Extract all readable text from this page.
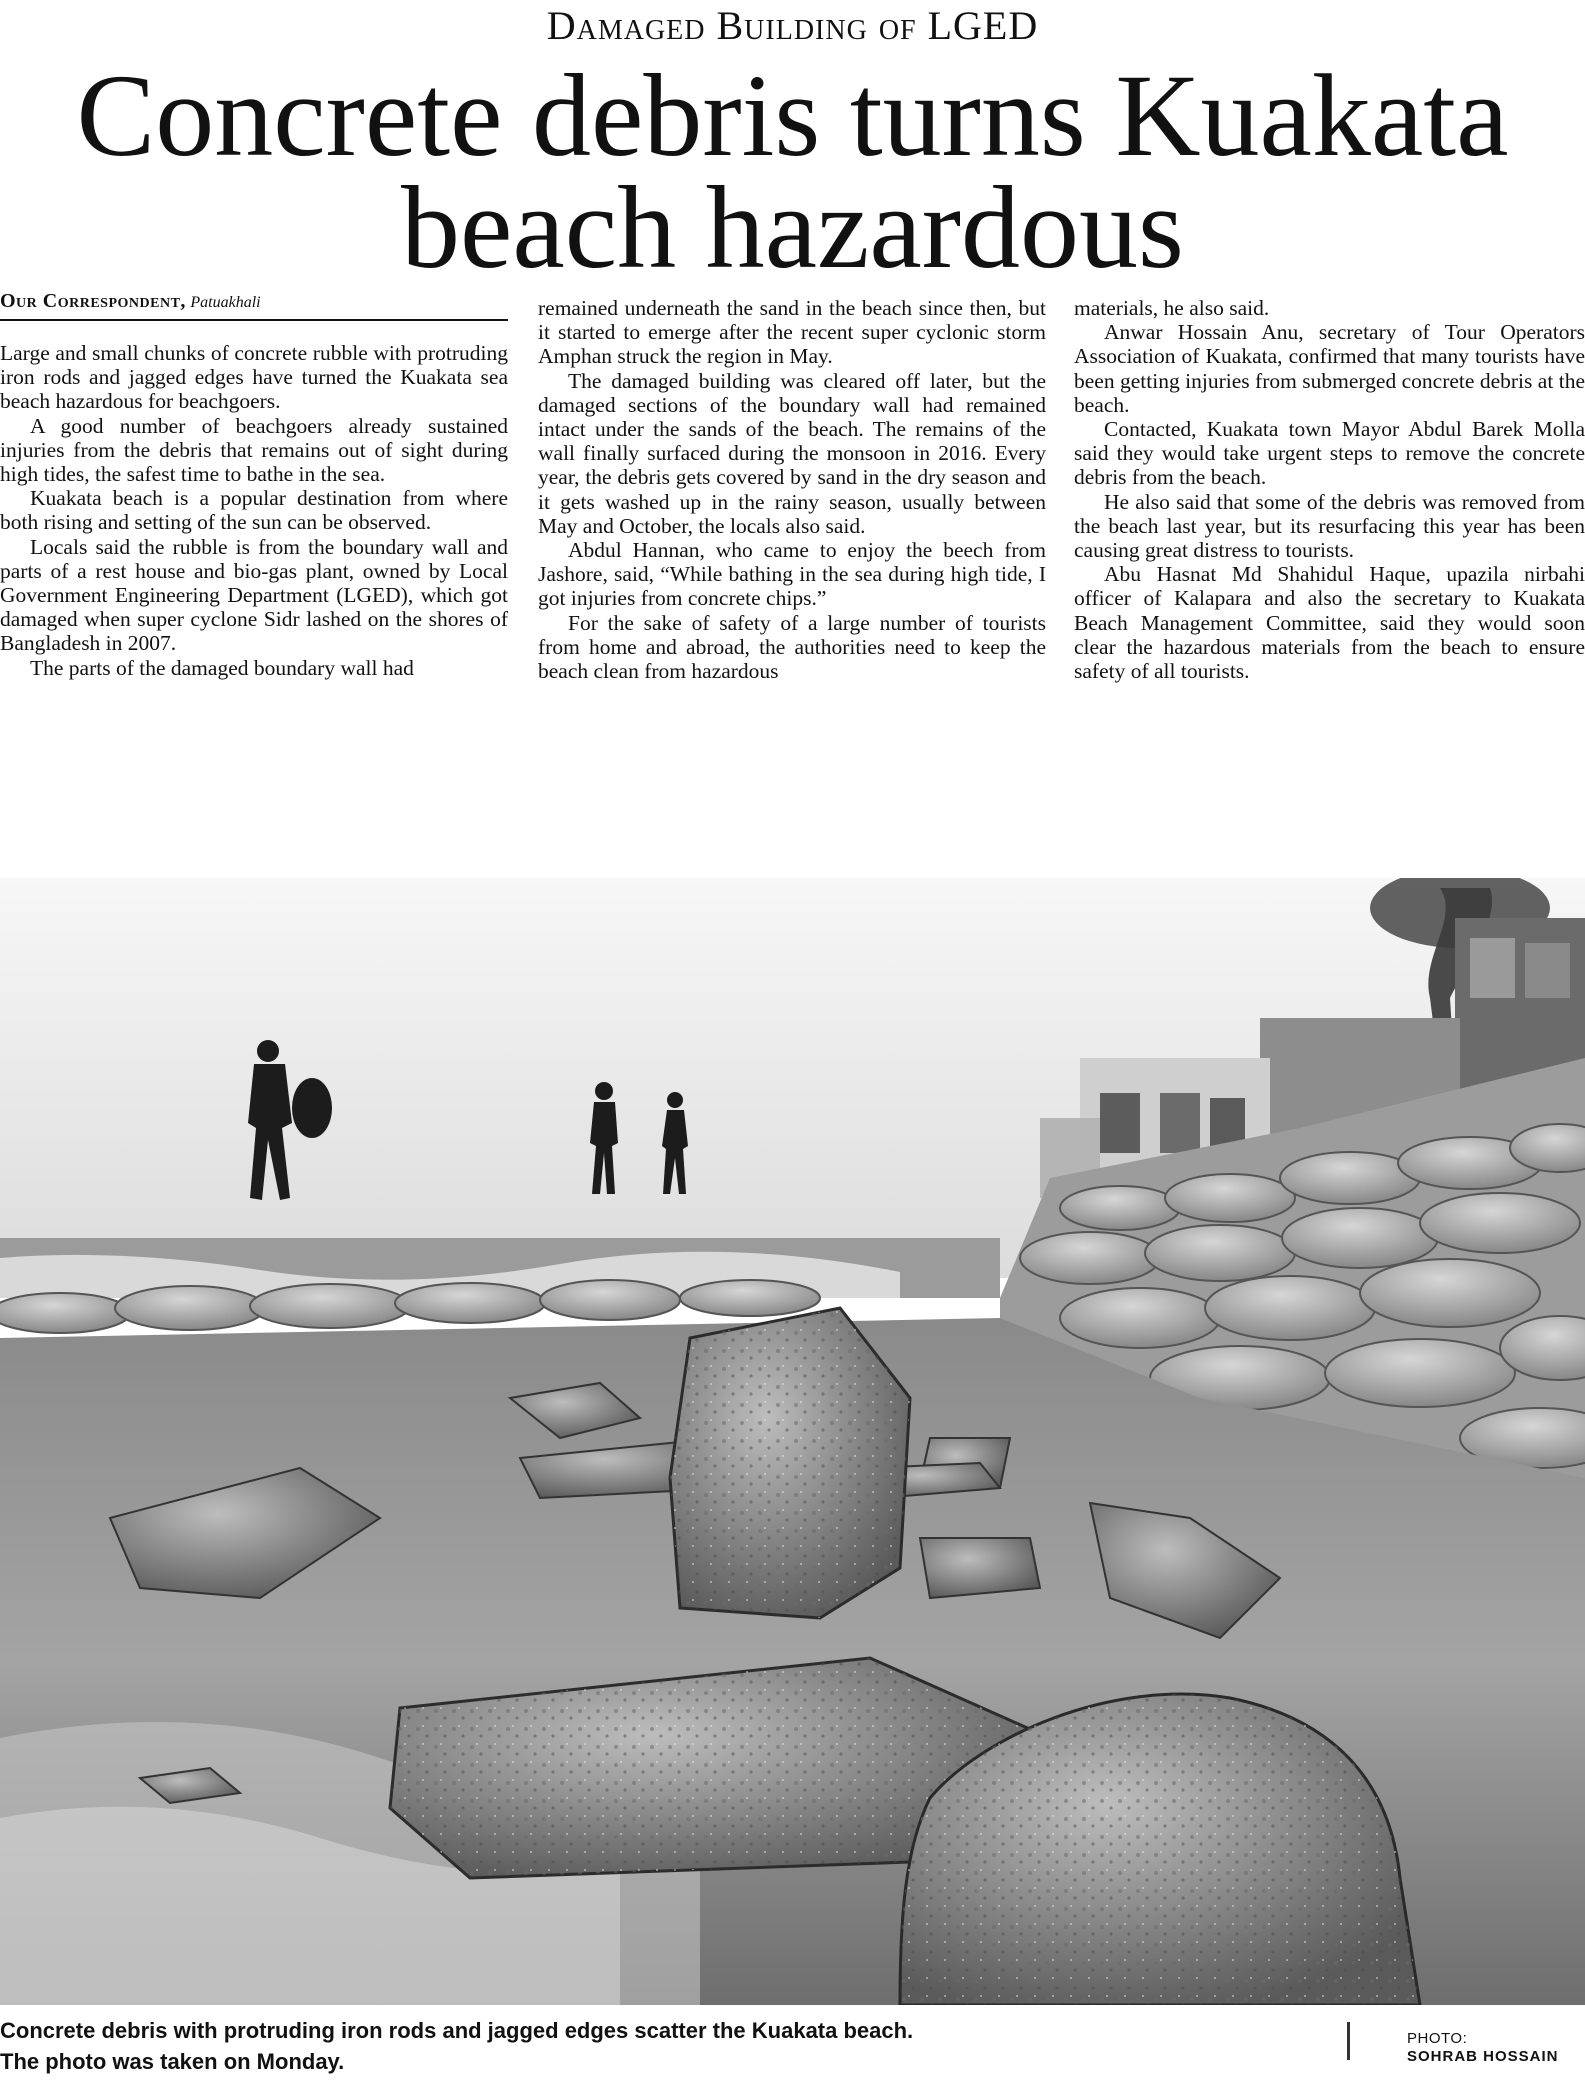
Damaged Building of LGED
Concrete debris turns Kuakata
beach hazardous
Our Correspondent, Patuakhali

Large and small chunks of concrete rubble with protruding iron rods and jagged edges have turned the Kuakata sea beach hazardous for beachgoers.

A good number of beachgoers already sustained injuries from the debris that remains out of sight during high tides, the safest time to bathe in the sea.

Kuakata beach is a popular destination from where both rising and setting of the sun can be observed.

Locals said the rubble is from the boundary wall and parts of a rest house and bio-gas plant, owned by Local Government Engineering Department (LGED), which got damaged when super cyclone Sidr lashed on the shores of Bangladesh in 2007.

The parts of the damaged boundary wall had

remained underneath the sand in the beach since then, but it started to emerge after the recent super cyclonic storm Amphan struck the region in May.

The damaged building was cleared off later, but the damaged sections of the boundary wall had remained intact under the sands of the beach. The remains of the wall finally surfaced during the monsoon in 2016. Every year, the debris gets covered by sand in the dry season and it gets washed up in the rainy season, usually between May and October, the locals also said.

Abdul Hannan, who came to enjoy the beech from Jashore, said, “While bathing in the sea during high tide, I got injuries from concrete chips.”

For the sake of safety of a large number of tourists from home and abroad, the authorities need to keep the beach clean from hazardous

materials, he also said.

Anwar Hossain Anu, secretary of Tour Operators Association of Kuakata, confirmed that many tourists have been getting injuries from submerged concrete debris at the beach.

Contacted, Kuakata town Mayor Abdul Barek Molla said they would take urgent steps to remove the concrete debris from the beach.

He also said that some of the debris was removed from the beach last year, but its resurfacing this year has been causing great distress to tourists.

Abu Hasnat Md Shahidul Haque, upazila nirbahi officer of Kalapara and also the secretary to Kuakata Beach Management Committee, said they would soon clear the hazardous materials from the beach to ensure safety of all tourists.

Concrete debris with protruding iron rods and jagged edges scatter the Kuakata beach.
The photo was taken on Monday.
PHOTO:
SOHRAB HOSSAIN
